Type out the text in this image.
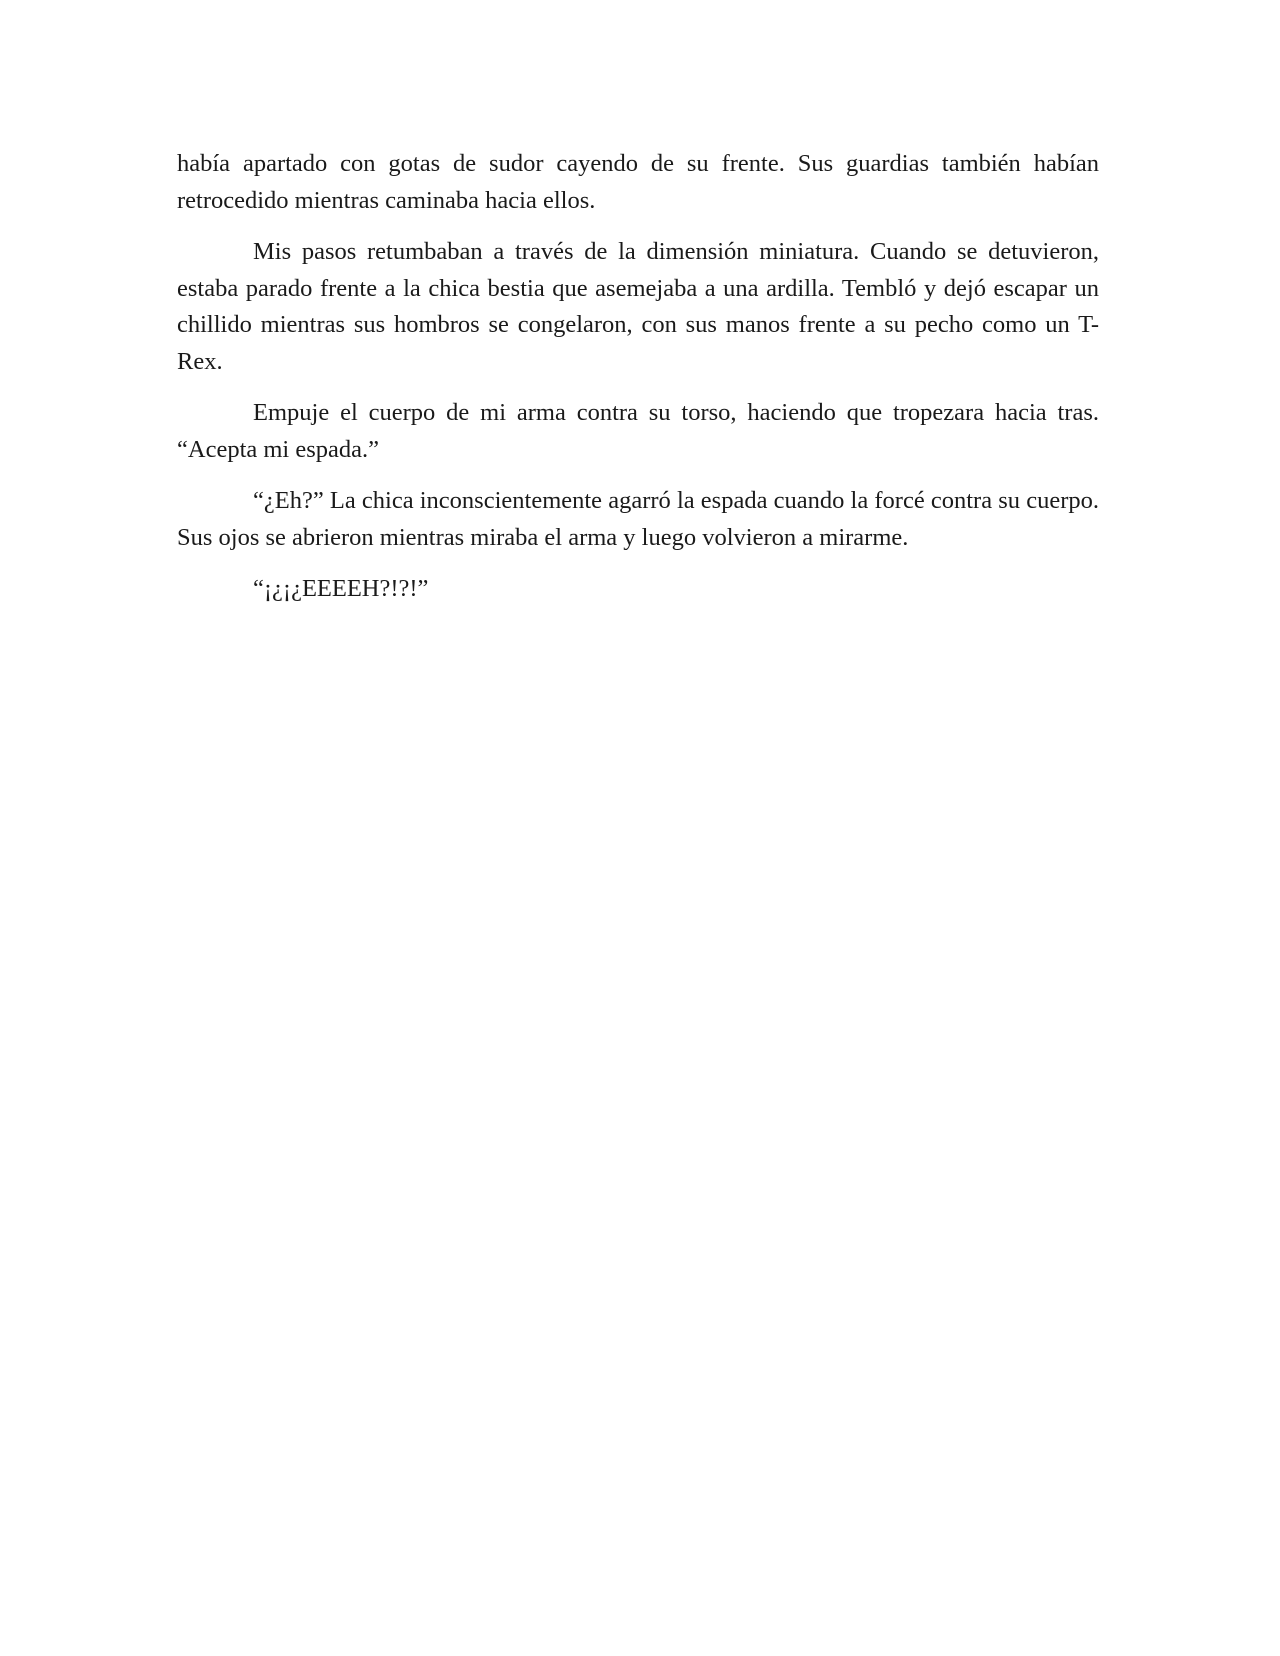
había apartado con gotas de sudor cayendo de su frente. Sus guardias también habían retrocedido mientras caminaba hacia ellos.

Mis pasos retumbaban a través de la dimensión miniatura. Cuando se detuvieron, estaba parado frente a la chica bestia que asemejaba a una ardilla. Tembló y dejó escapar un chillido mientras sus hombros se congelaron, con sus manos frente a su pecho como un T-Rex.

Empuje el cuerpo de mi arma contra su torso, haciendo que tropezara hacia tras. “Acepta mi espada.”

“¿Eh?” La chica inconscientemente agarró la espada cuando la forcé contra su cuerpo. Sus ojos se abrieron mientras miraba el arma y luego volvieron a mirarme.

“¡¿¡¿EEEEH?!?!”
